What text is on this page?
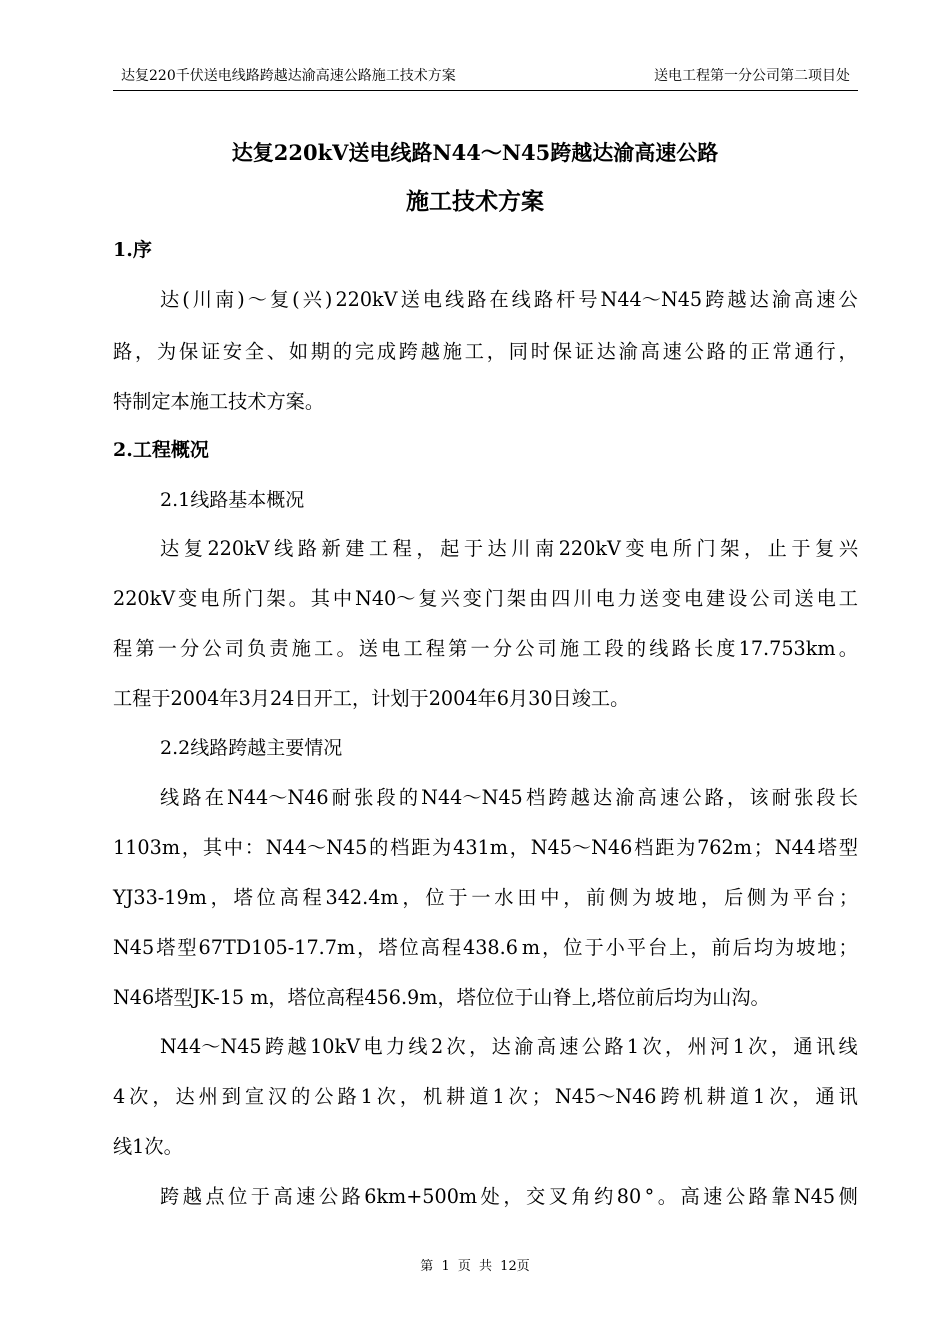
达复220千伏送电线路跨越达渝高速公路施工技术方案	送电工程第一分公司第二项目处
达复220kV送电线路N44～N45跨越达渝高速公路
施工技术方案
1.序
达 ( 川 南 ) ～ 复 ( 兴 ) 220kV 送 电 线 路 在 线 路 杆 号 N44～N45 跨 越 达 渝 高 速 公
路 ， 为 保 证 安 全 、 如 期 的 完 成 跨 越 施 工 ， 同 时 保 证 达 渝 高 速 公 路 的 正 常 通 行 ，
特制定本施工技术方案。
2.工程概况
2.1线路基本概况
达 复 220kV 线 路 新 建 工 程 ， 起 于 达 川 南 220kV 变 电 所 门 架 ， 止 于 复 兴
220kV 变 电 所 门 架 。 其 中 N40～ 复 兴 变 门 架 由 四 川 电 力 送 变 电 建 设 公 司 送 电 工
程 第 一 分 公 司 负 责 施 工 。 送 电 工 程 第 一 分 公 司 施 工 段 的 线 路 长 度 17.753km 。
工程于2004年3月24日开工，计划于2004年6月30日竣工。
2.2线路跨越主要情况
线 路 在 N44～N46 耐 张 段 的 N44～N45 档 跨 越 达 渝 高 速 公 路 ， 该 耐 张 段 长
1103m ， 其 中 ： N44～N45 的 档 距 为 431m ， N45～N46 档 距 为 762m ； N44 塔 型
YJ33-19m ， 塔 位 高 程 342.4m ， 位 于 一 水 田 中 ， 前 侧 为 坡 地 ， 后 侧 为 平 台 ；
N45 塔 型 67TD105-17.7m ， 塔 位 高 程 438.6 m ， 位 于 小 平 台 上 ， 前 后 均 为 坡 地 ；
N46塔型JK-15 m，塔位高程456.9m，塔位位于山脊上,塔位前后均为山沟。
N44～N45 跨 越 10kV 电 力 线 2 次 ， 达 渝 高 速 公 路 1 次 ， 州 河 1 次 ， 通 讯 线
4 次 ， 达 州 到 宣 汉 的 公 路 1 次 ， 机 耕 道 1 次 ； N45～N46 跨 机 耕 道 1 次 ， 通 讯
线1次。
跨 越 点 位 于 高 速 公 路 6km+500m 处 ， 交 叉 角 约 80 ° 。 高 速 公 路 靠 N45 侧
第 1 页 共 12页
